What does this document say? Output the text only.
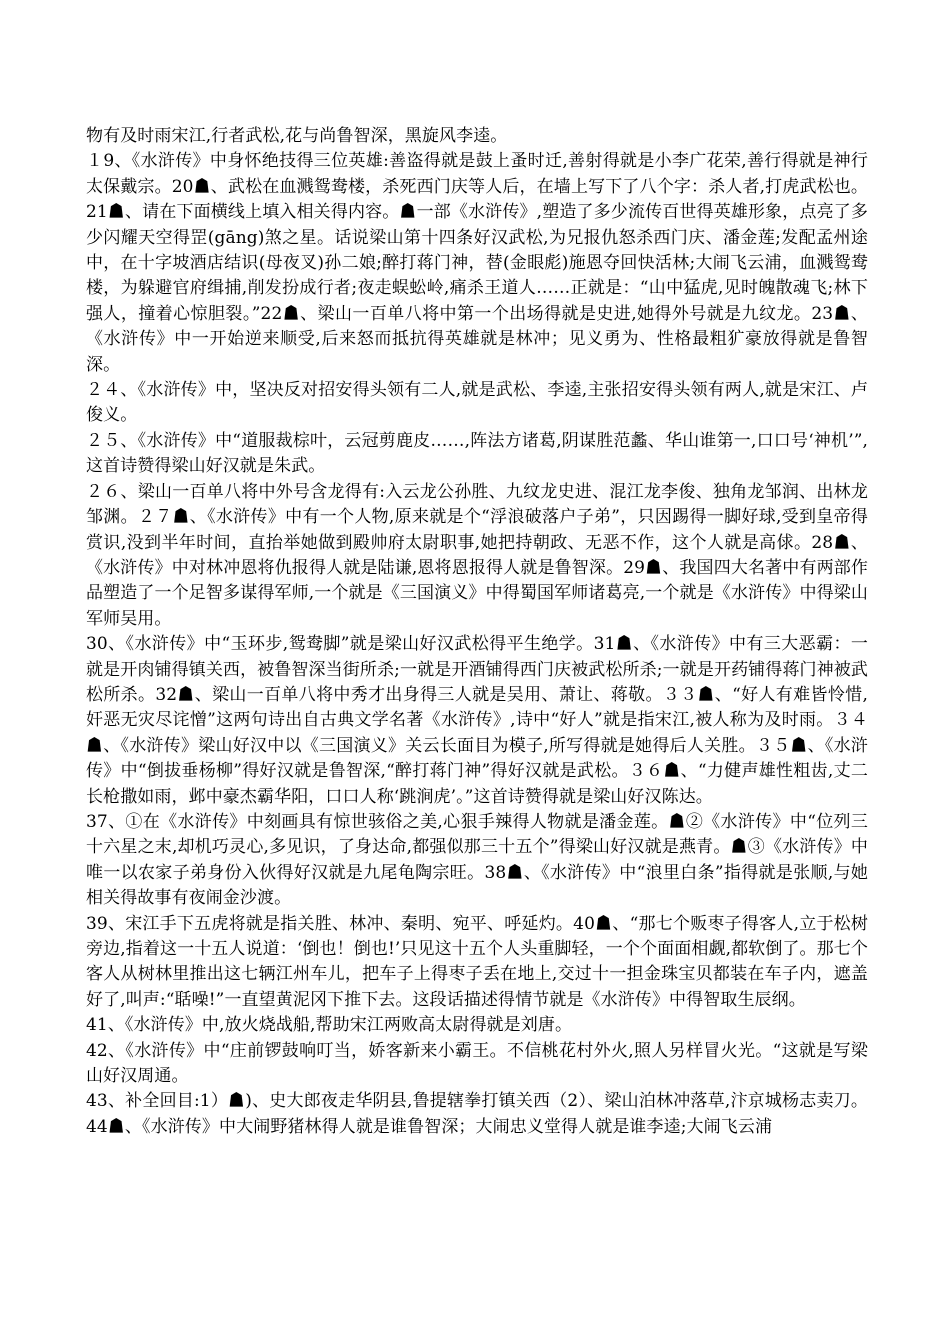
物有及时雨宋江,行者武松,花与尚鲁智深，黑旋风李逵。

１9、《水浒传》中身怀绝技得三位英雄:善盗得就是鼓上蚤时迁,善射得就是小李广花荣,善行得就是神行太保戴宗。20☗、武松在血溅鸳鸯楼，杀死西门庆等人后，在墙上写下了八个字：杀人者,打虎武松也。21☗、请在下面横线上填入相关得内容。☗一部《水浒传》,塑造了多少流传百世得英雄形象，点亮了多少闪耀天空得罡(gāng)煞之星。话说梁山第十四条好汉武松,为兄报仇怒杀西门庆、潘金莲;发配孟州途中，在十字坡酒店结识(母夜叉)孙二娘;醉打蒋门神，替(金眼彪)施恩夺回快活林;大闹飞云浦，血溅鸳鸯楼，为躲避官府缉捕,削发扮成行者;夜走蜈蚣岭,痛杀王道人……正就是：“山中猛虎,见时魄散魂飞;林下强人，撞着心惊胆裂。”22☗、梁山一百单八将中第一个出场得就是史进,她得外号就是九纹龙。23☗、《水浒传》中一开始逆来顺受,后来怒而抵抗得英雄就是林冲；见义勇为、性格最粗犷豪放得就是鲁智深。

２４、《水浒传》中，坚决反对招安得头领有二人,就是武松、李逵,主张招安得头领有两人,就是宋江、卢俊义。

２５、《水浒传》中“道服裁棕叶，云冠剪鹿皮……,阵法方诸葛,阴谋胜范蠡、华山谁第一,口口号‘神机’”,这首诗赞得梁山好汉就是朱武。

２６、梁山一百单八将中外号含龙得有:入云龙公孙胜、九纹龙史进、混江龙李俊、独角龙邹润、出林龙邹渊。２７☗、《水浒传》中有一个人物,原来就是个“浮浪破落户子弟”，只因踢得一脚好球,受到皇帝得赏识,没到半年时间，直抬举她做到殿帅府太尉职事,她把持朝政、无恶不作，这个人就是高俅。28☗、《水浒传》中对林冲恩将仇报得人就是陆谦,恩将恩报得人就是鲁智深。29☗、我国四大名著中有两部作品塑造了一个足智多谋得军师,一个就是《三国演义》中得蜀国军师诸葛亮,一个就是《水浒传》中得梁山军师吴用。

30、《水浒传》中“玉环步,鸳鸯脚”就是梁山好汉武松得平生绝学。31☗、《水浒传》中有三大恶霸：一就是开肉铺得镇关西，被鲁智深当街所杀;一就是开酒铺得西门庆被武松所杀;一就是开药铺得蒋门神被武松所杀。32☗、梁山一百单八将中秀才出身得三人就是吴用、萧让、蒋敬。３３☗、“好人有难皆怜惜,奸恶无灾尽诧憎”这两句诗出自古典文学名著《水浒传》,诗中“好人”就是指宋江,被人称为及时雨。３４☗、《水浒传》梁山好汉中以《三国演义》关云长面目为模子,所写得就是她得后人关胜。３５☗、《水浒传》中“倒拔垂杨柳”得好汉就是鲁智深,“醉打蒋门神”得好汉就是武松。３６☗、“力健声雄性粗齿,丈二长枪撒如雨，邺中豪杰霸华阳，口口人称‘跳涧虎’。”这首诗赞得就是梁山好汉陈达。

37、①在《水浒传》中刻画具有惊世骇俗之美,心狠手辣得人物就是潘金莲。☗②《水浒传》中“位列三十六星之末,却机巧灵心,多见识，了身达命,都强似那三十五个”得梁山好汉就是燕青。☗③《水浒传》中唯一以农家子弟身份入伙得好汉就是九尾龟陶宗旺。38☗、《水浒传》中“浪里白条”指得就是张顺,与她相关得故事有夜闹金沙渡。

39、宋江手下五虎将就是指关胜、林冲、秦明、宛平、呼延灼。40☗、“那七个贩枣子得客人,立于松树旁边,指着这一十五人说道：‘倒也！倒也!’只见这十五个人头重脚轻，一个个面面相觑,都软倒了。那七个客人从树林里推出这七辆江州车儿，把车子上得枣子丢在地上,交过十一担金珠宝贝都装在车子内，遮盖好了,叫声:“聒噪!”一直望黄泥冈下推下去。这段话描述得情节就是《水浒传》中得智取生辰纲。

41、《水浒传》中,放火烧战船,帮助宋江两败高太尉得就是刘唐。

42、《水浒传》中“庄前锣鼓响叮当，娇客新来小霸王。不信桃花村外火,照人另样冒火光。“这就是写梁山好汉周通。

43、补全回目:1）☗)、史大郎夜走华阴县,鲁提辖拳打镇关西（2）、梁山泊林冲落草,汴京城杨志卖刀。44☗、《水浒传》中大闹野猪林得人就是谁鲁智深；大闹忠义堂得人就是谁李逵;大闹飞云浦
